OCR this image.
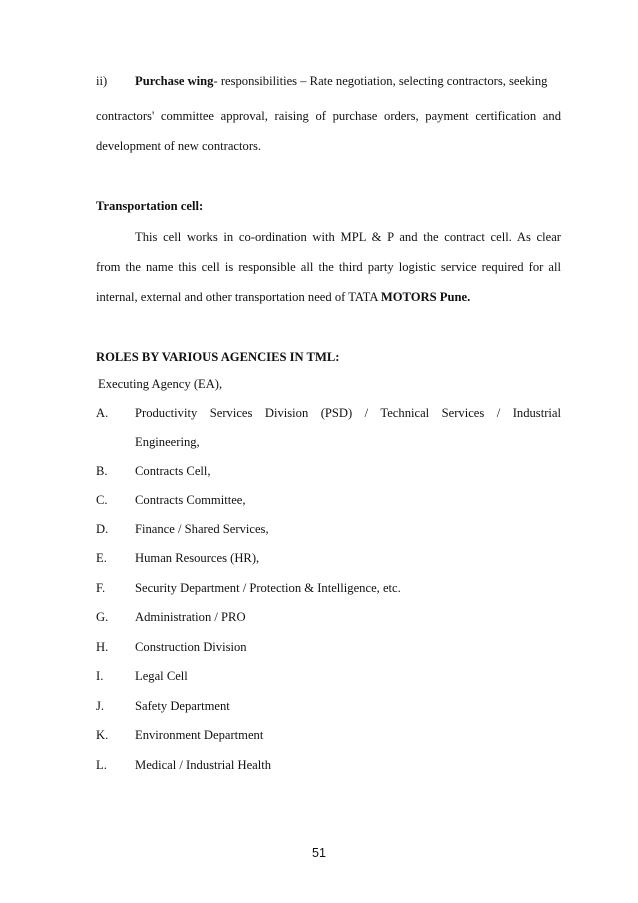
ii) Purchase wing- responsibilities – Rate negotiation, selecting contractors, seeking
contractors' committee approval, raising of purchase orders, payment certification and
development of new contractors.
Transportation cell:
This cell works in co-ordination with MPL & P and the contract cell. As clear
from the name this cell is responsible all the third party logistic service required for all
internal, external and other transportation need of TATA MOTORS Pune.
ROLES BY VARIOUS AGENCIES IN TML:
Executing Agency (EA),
A. Productivity Services Division (PSD) / Technical Services / Industrial
Engineering,
B. Contracts Cell,
C. Contracts Committee,
D. Finance / Shared Services,
E. Human Resources (HR),
F. Security Department / Protection & Intelligence, etc.
G. Administration / PRO
H. Construction Division
I.	Legal Cell
J. Safety Department
K. Environment Department
L. Medical / Industrial Health
51
